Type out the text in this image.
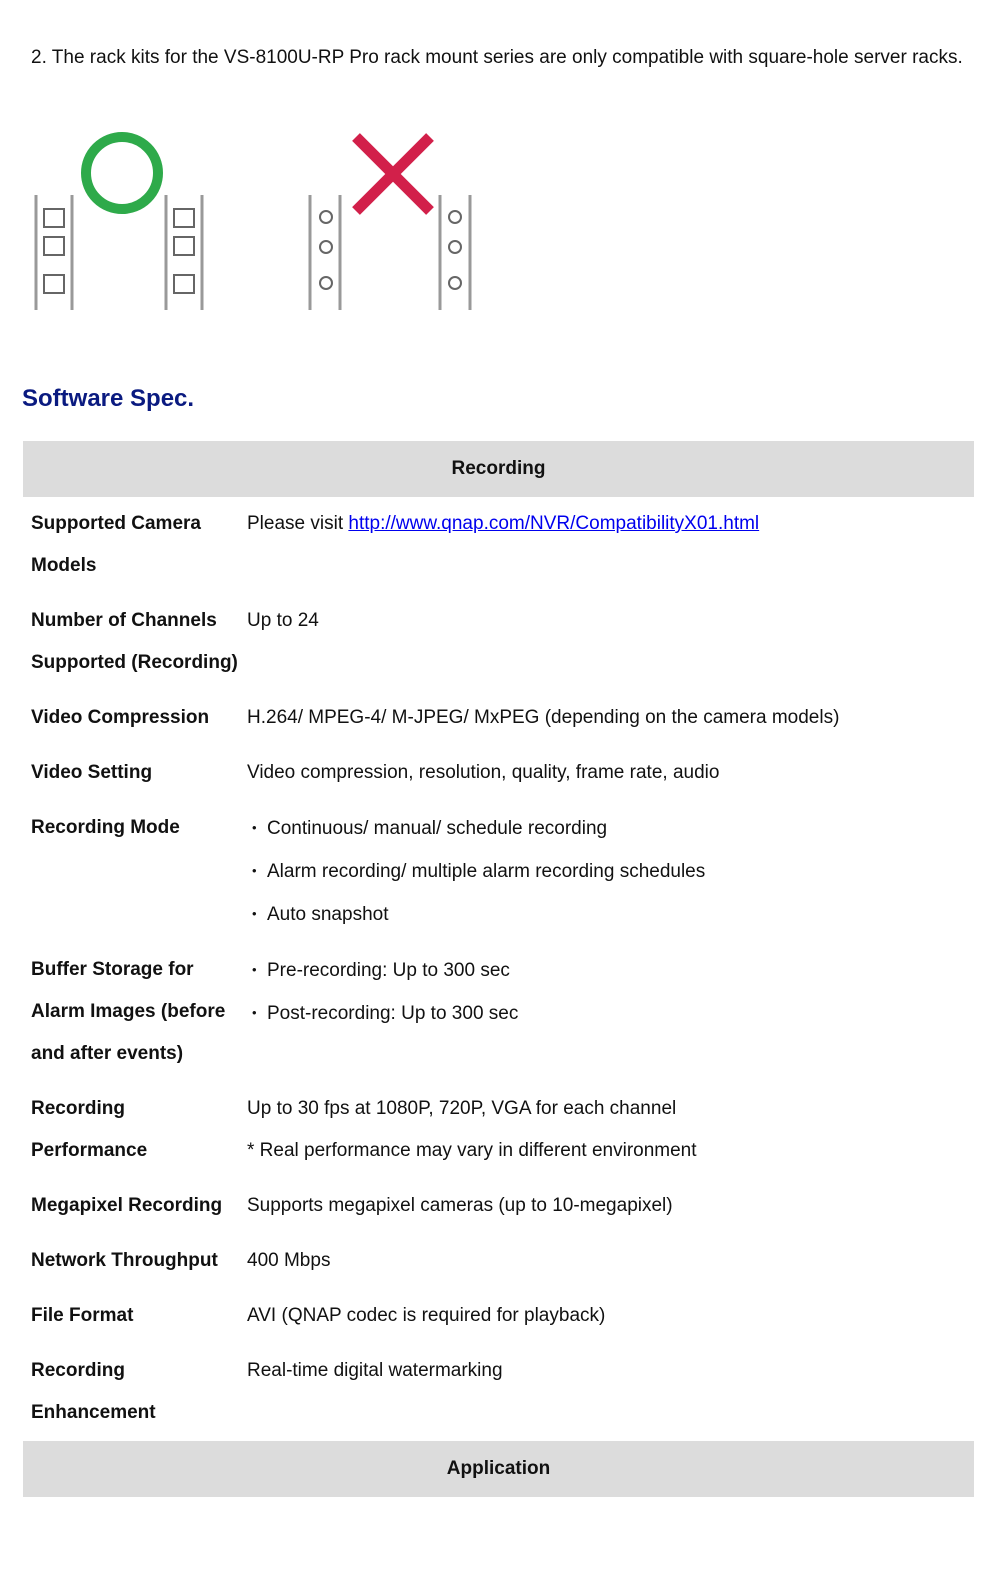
2. The rack kits for the VS-8100U-RP Pro rack mount series are only compatible with square-hole server racks.

Software Spec.
Recording	
Supported Camera Models	Please visit http://www.qnap.com/NVR/CompatibilityX01.html
Number of Channels Supported (Recording)	Up to 24
Video Compression	H.264/ MPEG-4/ M-JPEG/ MxPEG (depending on the camera models)
Video Setting	Video compression, resolution, quality, frame rate, audio
Recording Mode	• Continuous/ manual/ schedule recording
• Alarm recording/ multiple alarm recording schedules
• Auto snapshot

Buffer Storage for Alarm Images (before and after events)	• Pre-recording: Up to 300 sec
• Post-recording: Up to 300 sec

Recording Performance	Up to 30 fps at 1080P, 720P, VGA for each channel
* Real performance may vary in different environment

Megapixel Recording	Supports megapixel cameras (up to 10-megapixel)
Network Throughput	400 Mbps
File Format	AVI (QNAP codec is required for playback)
Recording Enhancement	Real-time digital watermarking
Application	
